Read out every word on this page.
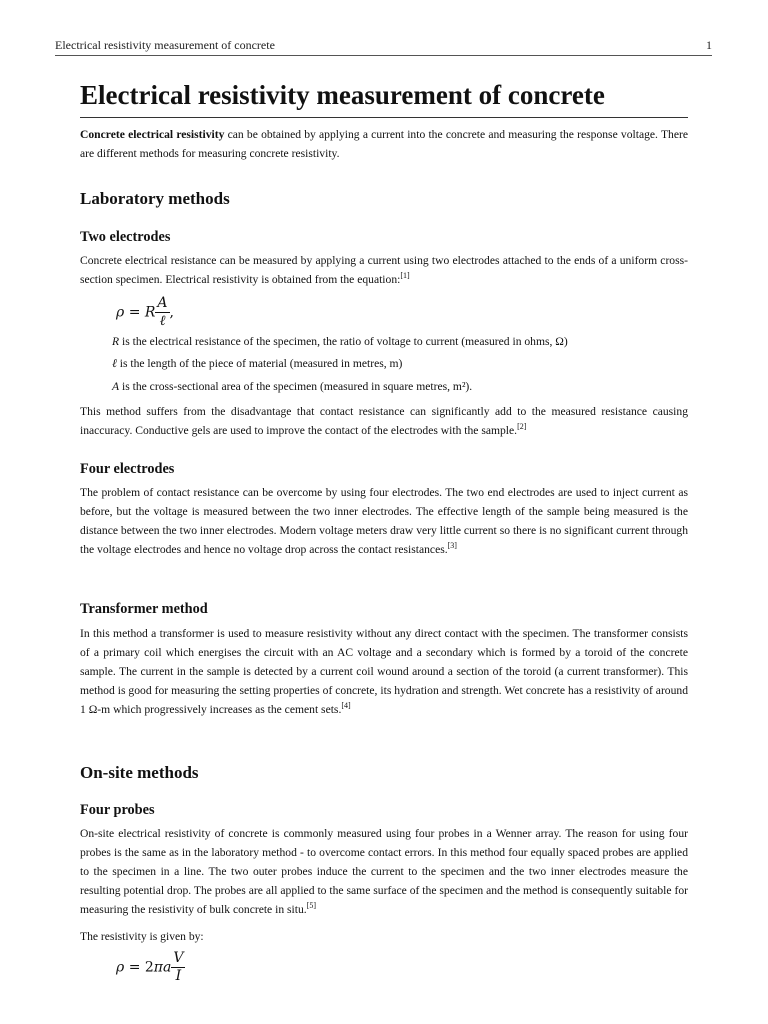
Electrical resistivity measurement of concrete	1
Electrical resistivity measurement of concrete

Concrete electrical resistivity can be obtained by applying a current into the concrete and measuring the response voltage. There are different methods for measuring concrete resistivity.

Laboratory methods
Two electrodes

Concrete electrical resistance can be measured by applying a current using two electrodes attached to the ends of a uniform cross-section specimen. Electrical resistivity is obtained from the equation:[1]

ρ = R $\frac{A}{\text{ℓ}}$ ,
R is the electrical resistance of the specimen, the ratio of voltage to current (measured in ohms, Ω)
ℓ is the length of the piece of material (measured in metres, m)
A is the cross-sectional area of the specimen (measured in square metres, m²).

This method suffers from the disadvantage that contact resistance can significantly add to the measured resistance causing inaccuracy. Conductive gels are used to improve the contact of the electrodes with the sample.[2]

Four electrodes

The problem of contact resistance can be overcome by using four electrodes. The two end electrodes are used to inject current as before, but the voltage is measured between the two inner electrodes. The effective length of the sample being measured is the distance between the two inner electrodes. Modern voltage meters draw very little current so there is no significant current through the voltage electrodes and hence no voltage drop across the contact resistances.[3]

Transformer method

In this method a transformer is used to measure resistivity without any direct contact with the specimen. The transformer consists of a primary coil which energises the circuit with an AC voltage and a secondary which is formed by a toroid of the concrete sample. The current in the sample is detected by a current coil wound around a section of the toroid (a current transformer). This method is good for measuring the setting properties of concrete, its hydration and strength. Wet concrete has a resistivity of around 1 Ω-m which progressively increases as the cement sets.[4]

On-site methods
Four probes

On-site electrical resistivity of concrete is commonly measured using four probes in a Wenner array. The reason for using four probes is the same as in the laboratory method - to overcome contact errors. In this method four equally spaced probes are applied to the specimen in a line. The two outer probes induce the current to the specimen and the two inner electrodes measure the resulting potential drop. The probes are all applied to the same surface of the specimen and the method is consequently suitable for measuring the resistivity of bulk concrete in situ.[5]

The resistivity is given by:

$\rho = 2\pi a \frac{V}{I}$
